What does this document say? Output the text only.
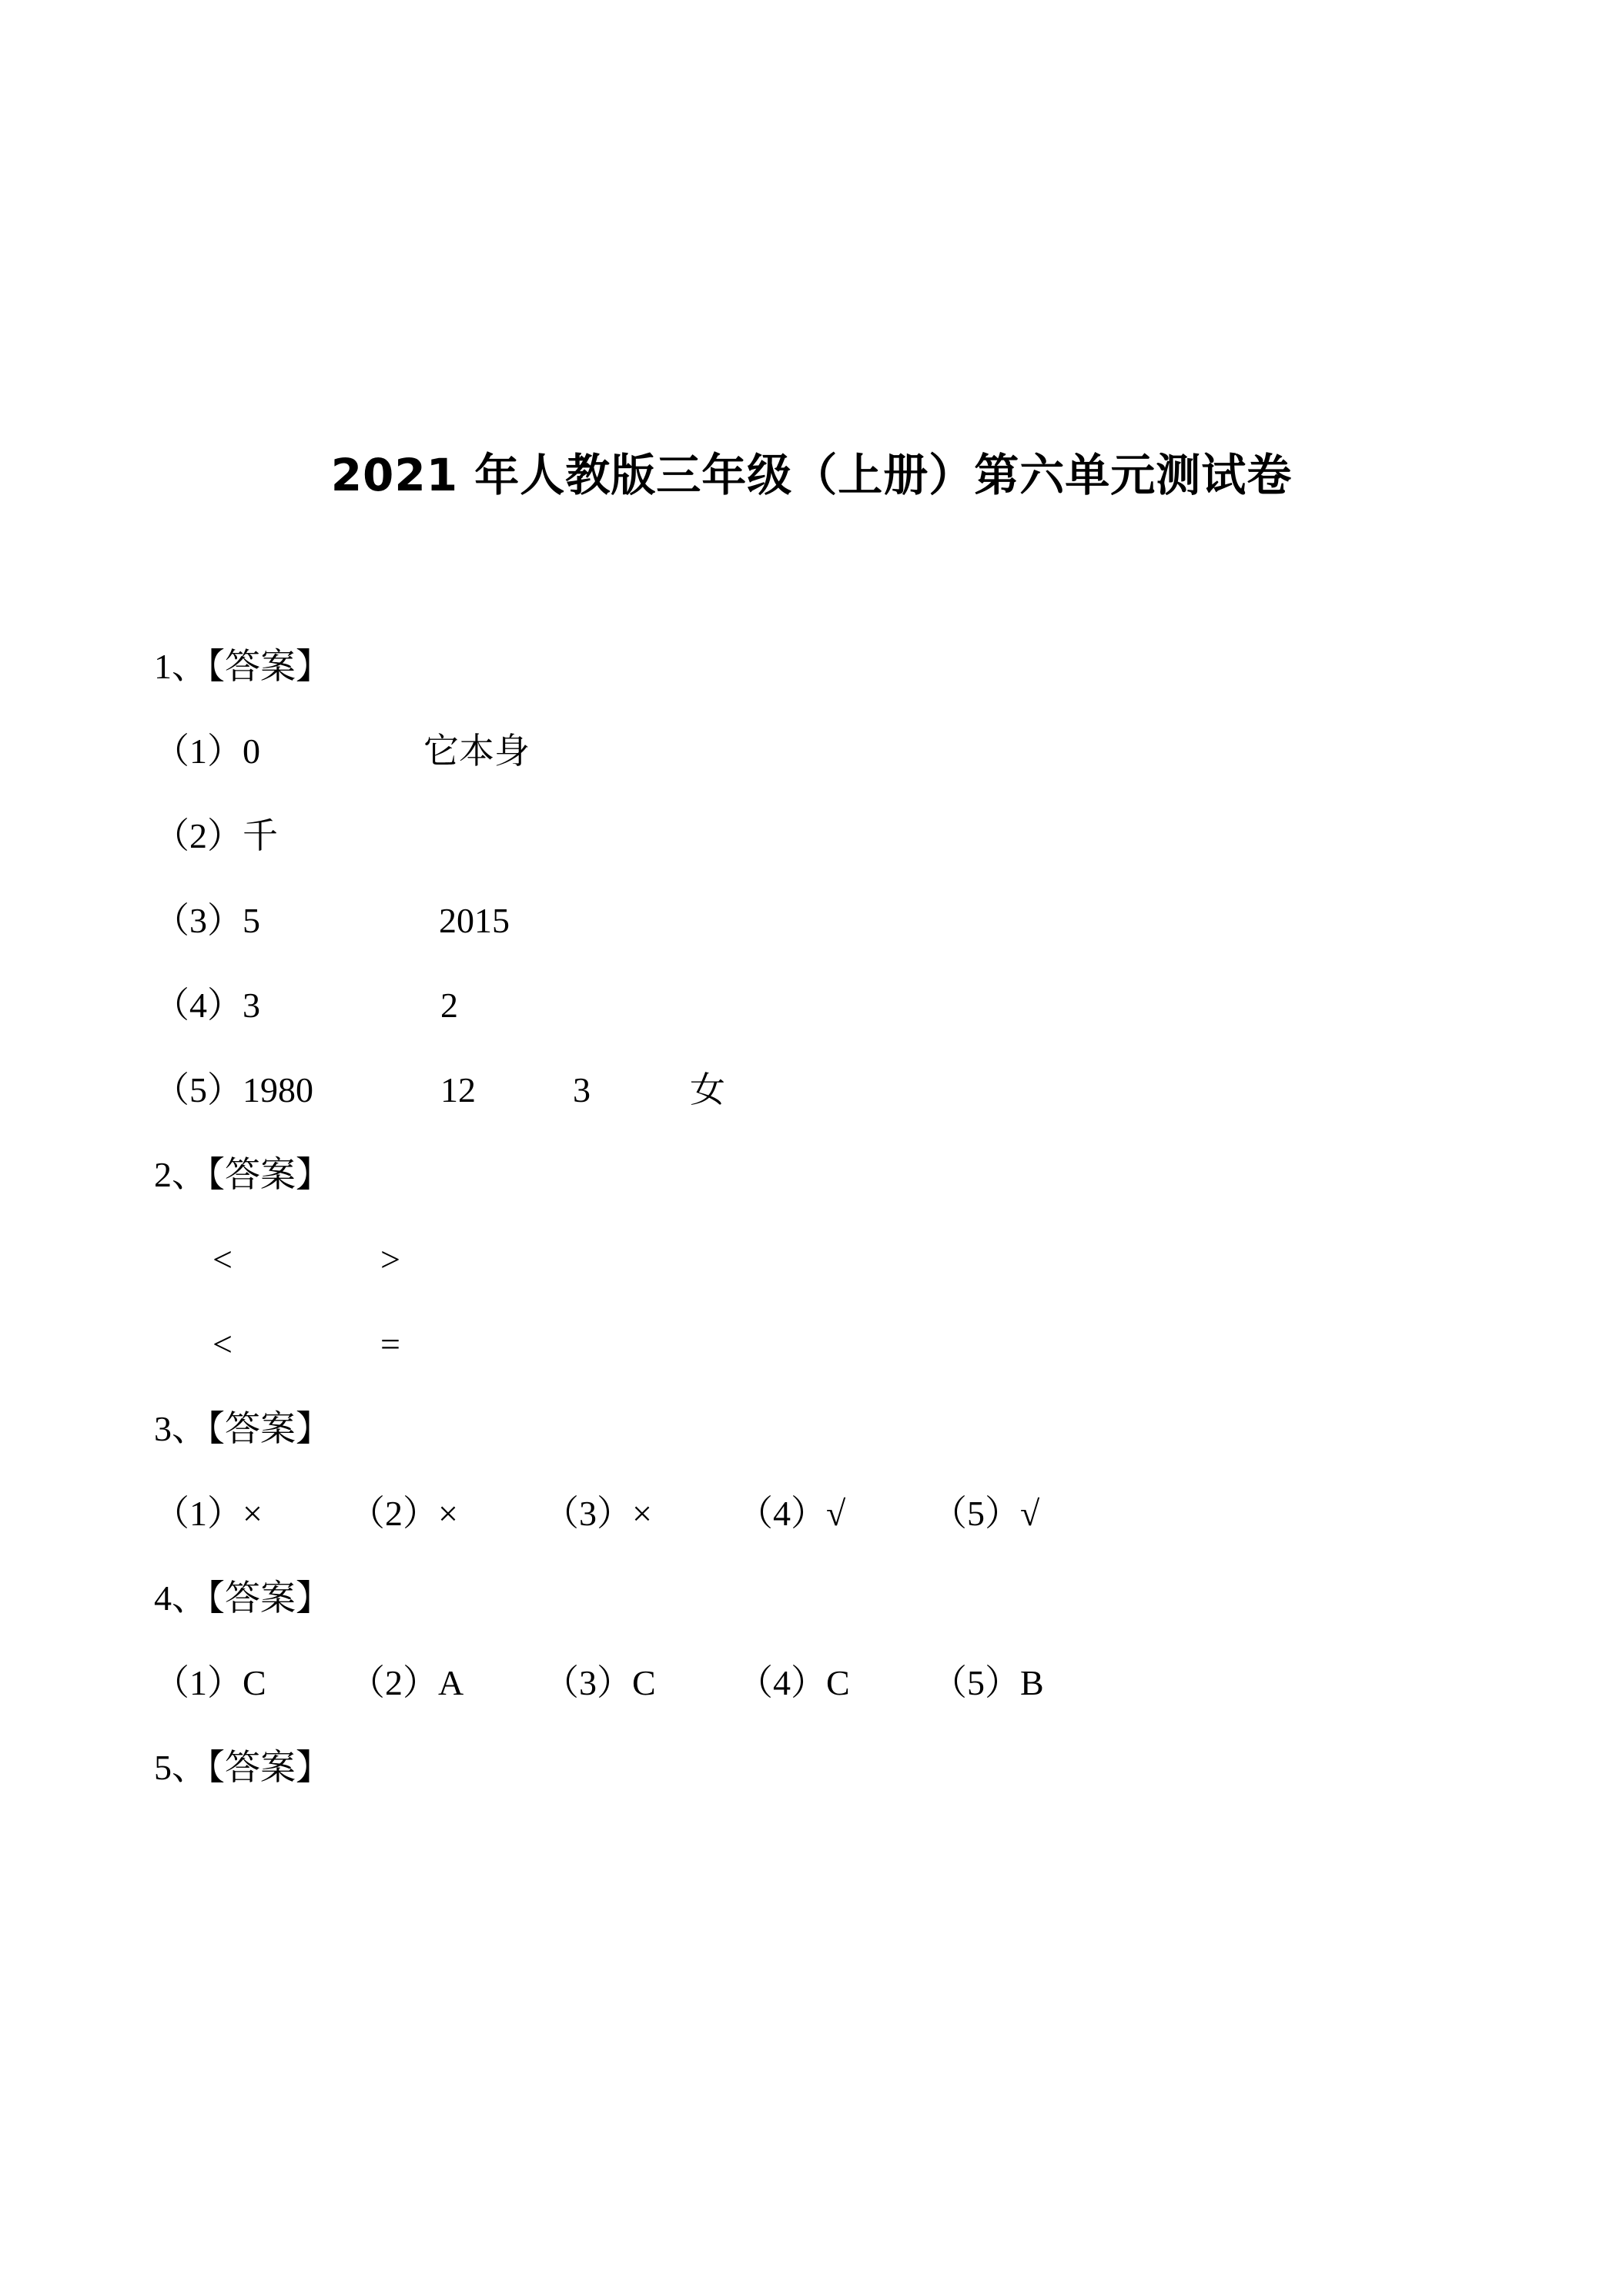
2021 年人教版三年级（上册）第六单元测试卷
1、【答案】
（1）0	它本身
（2）千
（3）5	2015
（4）3	2
（5）1980	12	3	女
2、【答案】
<	>
<	=
3、【答案】
（1）× （2）× （3）× （4）√ （5）√
4、【答案】
（1）C （2）A （3）C （4）C （5）B
5、【答案】
